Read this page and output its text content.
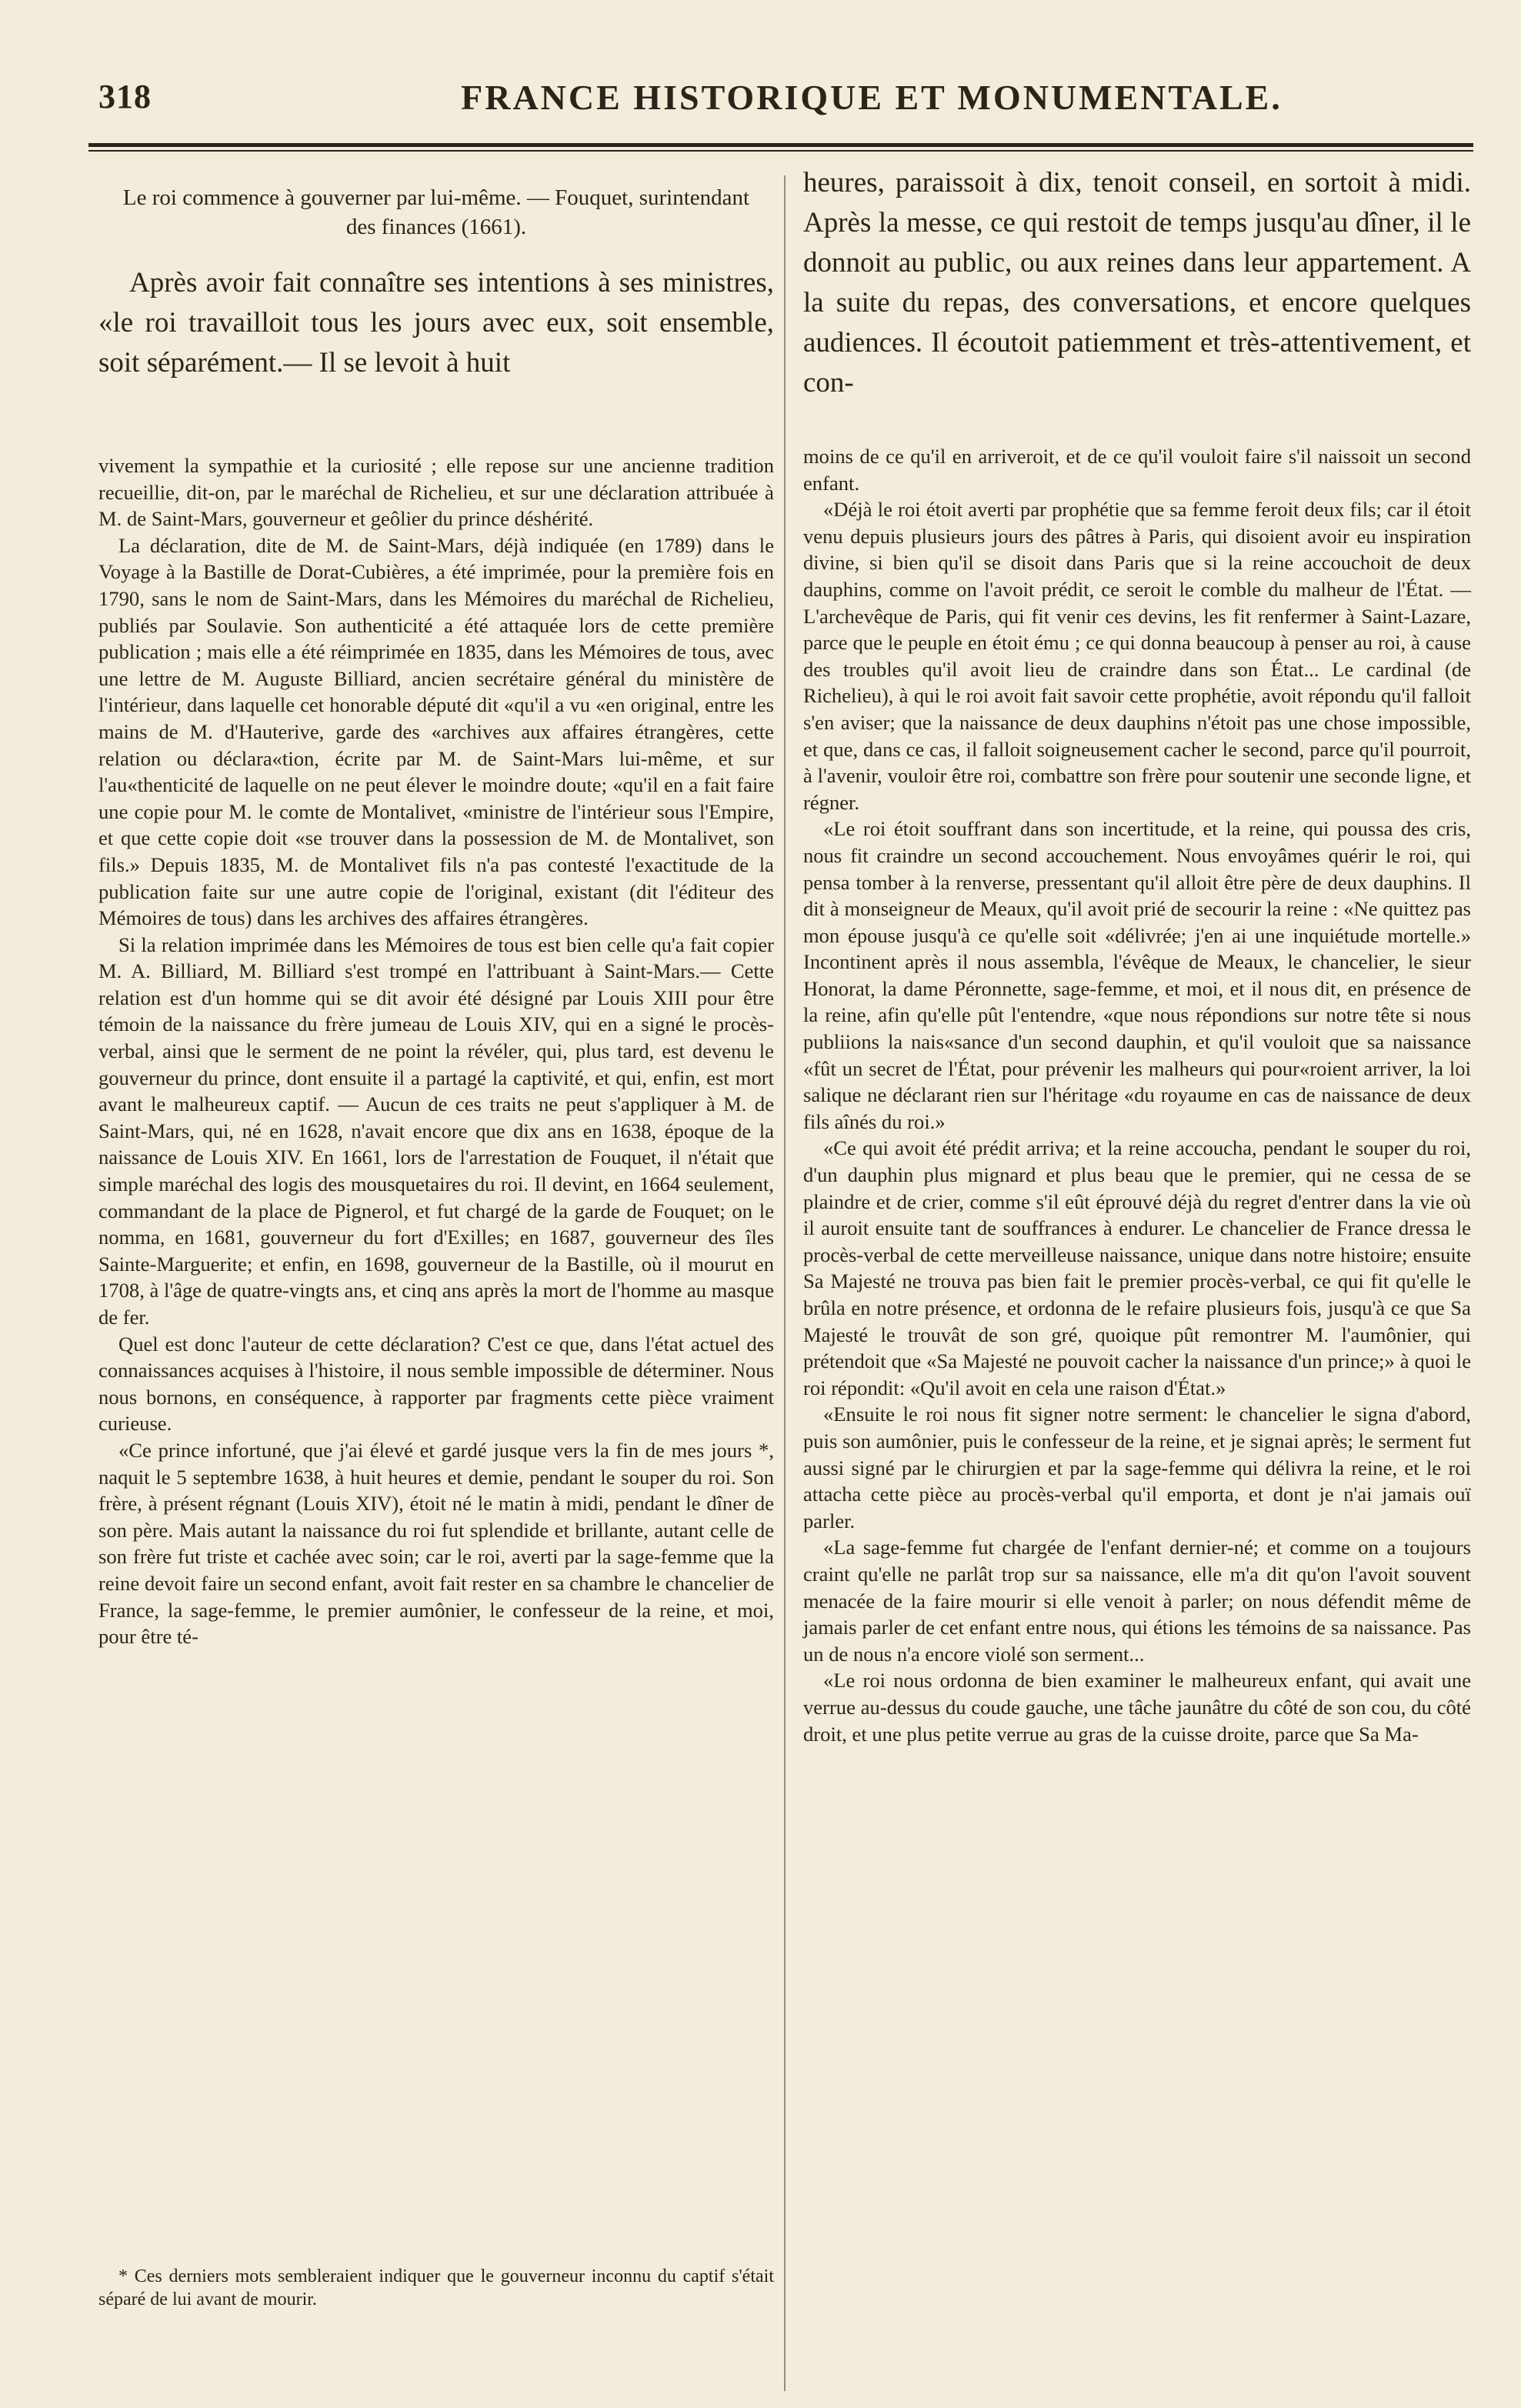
318	FRANCE HISTORIQUE ET MONUMENTALE.
Le roi commence à gouverner par lui-même. — Fouquet, surintendant des finances (1661).

Après avoir fait connaître ses intentions à ses ministres, «le roi travailloit tous les jours avec eux, soit ensemble, soit séparément.— Il se levoit à huit

heures, paraissoit à dix, tenoit conseil, en sortoit à midi. Après la messe, ce qui restoit de temps jusqu'au dîner, il le donnoit au public, ou aux reines dans leur appartement. A la suite du repas, des conversations, et encore quelques audiences. Il écoutoit patiemment et très-attentivement, et con-

vivement la sympathie et la curiosité ; elle repose sur une ancienne tradition recueillie, dit-on, par le maréchal de Richelieu, et sur une déclaration attribuée à M. de Saint-Mars, gouverneur et geôlier du prince déshérité.

La déclaration, dite de M. de Saint-Mars, déjà indiquée (en 1789) dans le Voyage à la Bastille de Dorat-Cubières, a été imprimée, pour la première fois en 1790, sans le nom de Saint-Mars, dans les Mémoires du maréchal de Richelieu, publiés par Soulavie. Son authenticité a été attaquée lors de cette première publication ; mais elle a été réimprimée en 1835, dans les Mémoires de tous, avec une lettre de M. Auguste Billiard, ancien secrétaire général du ministère de l'intérieur, dans laquelle cet honorable député dit «qu'il a vu «en original, entre les mains de M. d'Hauterive, garde des «archives aux affaires étrangères, cette relation ou déclara«tion, écrite par M. de Saint-Mars lui-même, et sur l'au«thenticité de laquelle on ne peut élever le moindre doute; «qu'il en a fait faire une copie pour M. le comte de Montalivet, «ministre de l'intérieur sous l'Empire, et que cette copie doit «se trouver dans la possession de M. de Montalivet, son fils.» Depuis 1835, M. de Montalivet fils n'a pas contesté l'exactitude de la publication faite sur une autre copie de l'original, existant (dit l'éditeur des Mémoires de tous) dans les archives des affaires étrangères.

Si la relation imprimée dans les Mémoires de tous est bien celle qu'a fait copier M. A. Billiard, M. Billiard s'est trompé en l'attribuant à Saint-Mars.— Cette relation est d'un homme qui se dit avoir été désigné par Louis XIII pour être témoin de la naissance du frère jumeau de Louis XIV, qui en a signé le procès-verbal, ainsi que le serment de ne point la révéler, qui, plus tard, est devenu le gouverneur du prince, dont ensuite il a partagé la captivité, et qui, enfin, est mort avant le malheureux captif. — Aucun de ces traits ne peut s'appliquer à M. de Saint-Mars, qui, né en 1628, n'avait encore que dix ans en 1638, époque de la naissance de Louis XIV. En 1661, lors de l'arrestation de Fouquet, il n'était que simple maréchal des logis des mousquetaires du roi. Il devint, en 1664 seulement, commandant de la place de Pignerol, et fut chargé de la garde de Fouquet; on le nomma, en 1681, gouverneur du fort d'Exilles; en 1687, gouverneur des îles Sainte-Marguerite; et enfin, en 1698, gouverneur de la Bastille, où il mourut en 1708, à l'âge de quatre-vingts ans, et cinq ans après la mort de l'homme au masque de fer.

Quel est donc l'auteur de cette déclaration? C'est ce que, dans l'état actuel des connaissances acquises à l'histoire, il nous semble impossible de déterminer. Nous nous bornons, en conséquence, à rapporter par fragments cette pièce vraiment curieuse.

«Ce prince infortuné, que j'ai élevé et gardé jusque vers la fin de mes jours *, naquit le 5 septembre 1638, à huit heures et demie, pendant le souper du roi. Son frère, à présent régnant (Louis XIV), étoit né le matin à midi, pendant le dîner de son père. Mais autant la naissance du roi fut splendide et brillante, autant celle de son frère fut triste et cachée avec soin; car le roi, averti par la sage-femme que la reine devoit faire un second enfant, avoit fait rester en sa chambre le chancelier de France, la sage-femme, le premier aumônier, le confesseur de la reine, et moi, pour être té-

moins de ce qu'il en arriveroit, et de ce qu'il vouloit faire s'il naissoit un second enfant.

«Déjà le roi étoit averti par prophétie que sa femme feroit deux fils; car il étoit venu depuis plusieurs jours des pâtres à Paris, qui disoient avoir eu inspiration divine, si bien qu'il se disoit dans Paris que si la reine accouchoit de deux dauphins, comme on l'avoit prédit, ce seroit le comble du malheur de l'État. — L'archevêque de Paris, qui fit venir ces devins, les fit renfermer à Saint-Lazare, parce que le peuple en étoit ému ; ce qui donna beaucoup à penser au roi, à cause des troubles qu'il avoit lieu de craindre dans son État... Le cardinal (de Richelieu), à qui le roi avoit fait savoir cette prophétie, avoit répondu qu'il falloit s'en aviser; que la naissance de deux dauphins n'étoit pas une chose impossible, et que, dans ce cas, il falloit soigneusement cacher le second, parce qu'il pourroit, à l'avenir, vouloir être roi, combattre son frère pour soutenir une seconde ligne, et régner.

«Le roi étoit souffrant dans son incertitude, et la reine, qui poussa des cris, nous fit craindre un second accouchement. Nous envoyâmes quérir le roi, qui pensa tomber à la renverse, pressentant qu'il alloit être père de deux dauphins. Il dit à monseigneur de Meaux, qu'il avoit prié de secourir la reine : «Ne quittez pas mon épouse jusqu'à ce qu'elle soit «délivrée; j'en ai une inquiétude mortelle.» Incontinent après il nous assembla, l'évêque de Meaux, le chancelier, le sieur Honorat, la dame Péronnette, sage-femme, et moi, et il nous dit, en présence de la reine, afin qu'elle pût l'entendre, «que nous répondions sur notre tête si nous publiions la nais«sance d'un second dauphin, et qu'il vouloit que sa naissance «fût un secret de l'État, pour prévenir les malheurs qui pour«roient arriver, la loi salique ne déclarant rien sur l'héritage «du royaume en cas de naissance de deux fils aînés du roi.»

«Ce qui avoit été prédit arriva; et la reine accoucha, pendant le souper du roi, d'un dauphin plus mignard et plus beau que le premier, qui ne cessa de se plaindre et de crier, comme s'il eût éprouvé déjà du regret d'entrer dans la vie où il auroit ensuite tant de souffrances à endurer. Le chancelier de France dressa le procès-verbal de cette merveilleuse naissance, unique dans notre histoire; ensuite Sa Majesté ne trouva pas bien fait le premier procès-verbal, ce qui fit qu'elle le brûla en notre présence, et ordonna de le refaire plusieurs fois, jusqu'à ce que Sa Majesté le trouvât de son gré, quoique pût remontrer M. l'aumônier, qui prétendoit que «Sa Majesté ne pouvoit cacher la naissance d'un prince;» à quoi le roi répondit: «Qu'il avoit en cela une raison d'État.»

«Ensuite le roi nous fit signer notre serment: le chancelier le signa d'abord, puis son aumônier, puis le confesseur de la reine, et je signai après; le serment fut aussi signé par le chirurgien et par la sage-femme qui délivra la reine, et le roi attacha cette pièce au procès-verbal qu'il emporta, et dont je n'ai jamais ouï parler.

«La sage-femme fut chargée de l'enfant dernier-né; et comme on a toujours craint qu'elle ne parlât trop sur sa naissance, elle m'a dit qu'on l'avoit souvent menacée de la faire mourir si elle venoit à parler; on nous défendit même de jamais parler de cet enfant entre nous, qui étions les témoins de sa naissance. Pas un de nous n'a encore violé son serment...

«Le roi nous ordonna de bien examiner le malheureux enfant, qui avait une verrue au-dessus du coude gauche, une tâche jaunâtre du côté de son cou, du côté droit, et une plus petite verrue au gras de la cuisse droite, parce que Sa Ma-

* Ces derniers mots sembleraient indiquer que le gouverneur inconnu du captif s'était séparé de lui avant de mourir.
